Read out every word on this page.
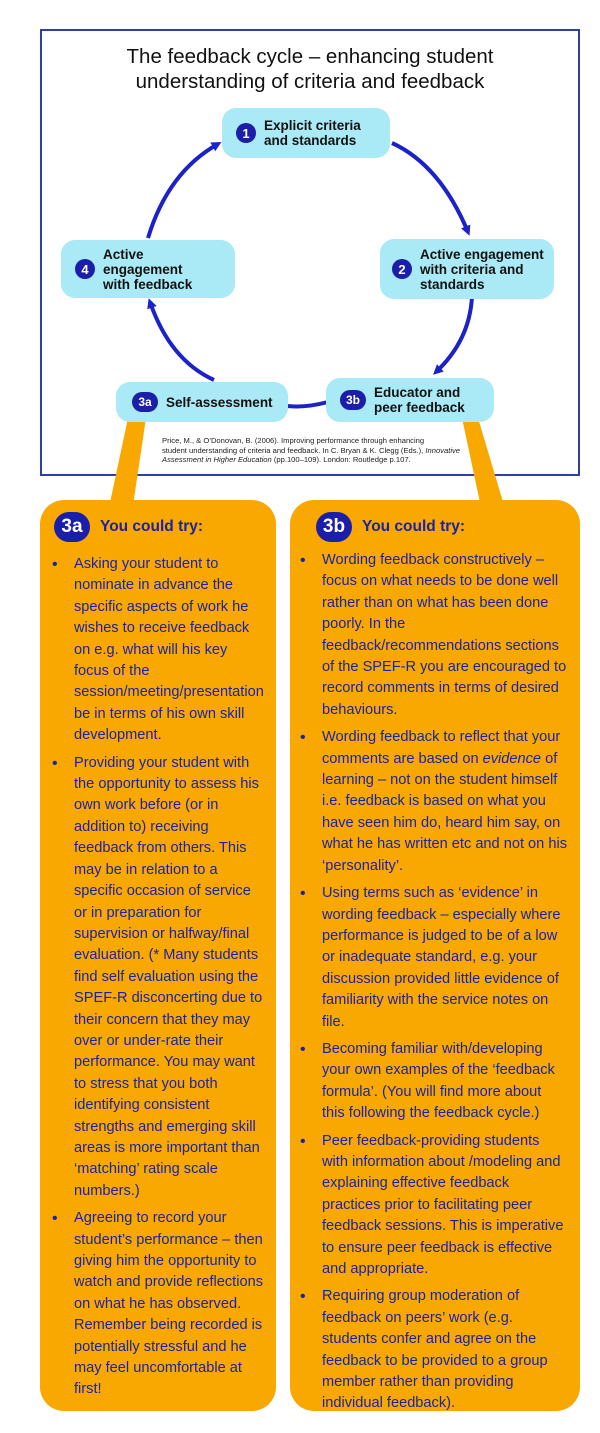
The feedback cycle – enhancing student
understanding of criteria and feedback
1	Explicit criteria
and standards
2
Active engagement
with criteria and
standards
3b	Educator and
peer feedback
3a	Self-assessment
4
Active
engagement
with feedback
Price, M., & O’Donovan, B. (2006). Improving performance through enhancing
student understanding of criteria and feedback. In C. Bryan & K. Clegg (Eds.), Innovative
Assessment in Higher Education (pp.100–109). London: Routledge p.107.
3a	You could try:
• Asking your student to nominate in advance the specific aspects of work he wishes to receive feedback on e.g. what will his key focus of the session/meeting/presentation be in terms of his own skill development.
• Providing your student with the opportunity to assess his own work before (or in addition to) receiving feedback from others. This may be in relation to a specific occasion of service or in preparation for supervision or halfway/final evaluation. (* Many students find self evaluation using the SPEF-R disconcerting due to their concern that they may over or under-rate their performance. You may want to stress that you both identifying consistent strengths and emerging skill areas is more important than ‘matching’ rating scale numbers.)
• Agreeing to record your student’s performance – then giving him the opportunity to watch and provide reflections on what he has observed. Remember being recorded is potentially stressful and he may feel uncomfortable at first!
3b	You could try:
• Wording feedback constructively – focus on what needs to be done well rather than on what has been done poorly. In the feedback/recommendations sections of the SPEF-R you are encouraged to record comments in terms of desired behaviours.
• Wording feedback to reflect that your comments are based on evidence of learning – not on the student himself i.e. feedback is based on what you have seen him do, heard him say, on what he has written etc and not on his ‘personality’.
• Using terms such as ‘evidence’ in wording feedback – especially where performance is judged to be of a low or inadequate standard, e.g. your discussion provided little evidence of familiarity with the service notes on file.
• Becoming familiar with/developing your own examples of the ‘feedback formula’. (You will find more about this following the feedback cycle.)
• Peer feedback-providing students with information about /modeling and explaining effective feedback practices prior to facilitating peer feedback sessions. This is imperative to ensure peer feedback is effective and appropriate.
• Requiring group moderation of feedback on peers’ work (e.g. students confer and agree on the feedback to be provided to a group member rather than providing individual feedback).
